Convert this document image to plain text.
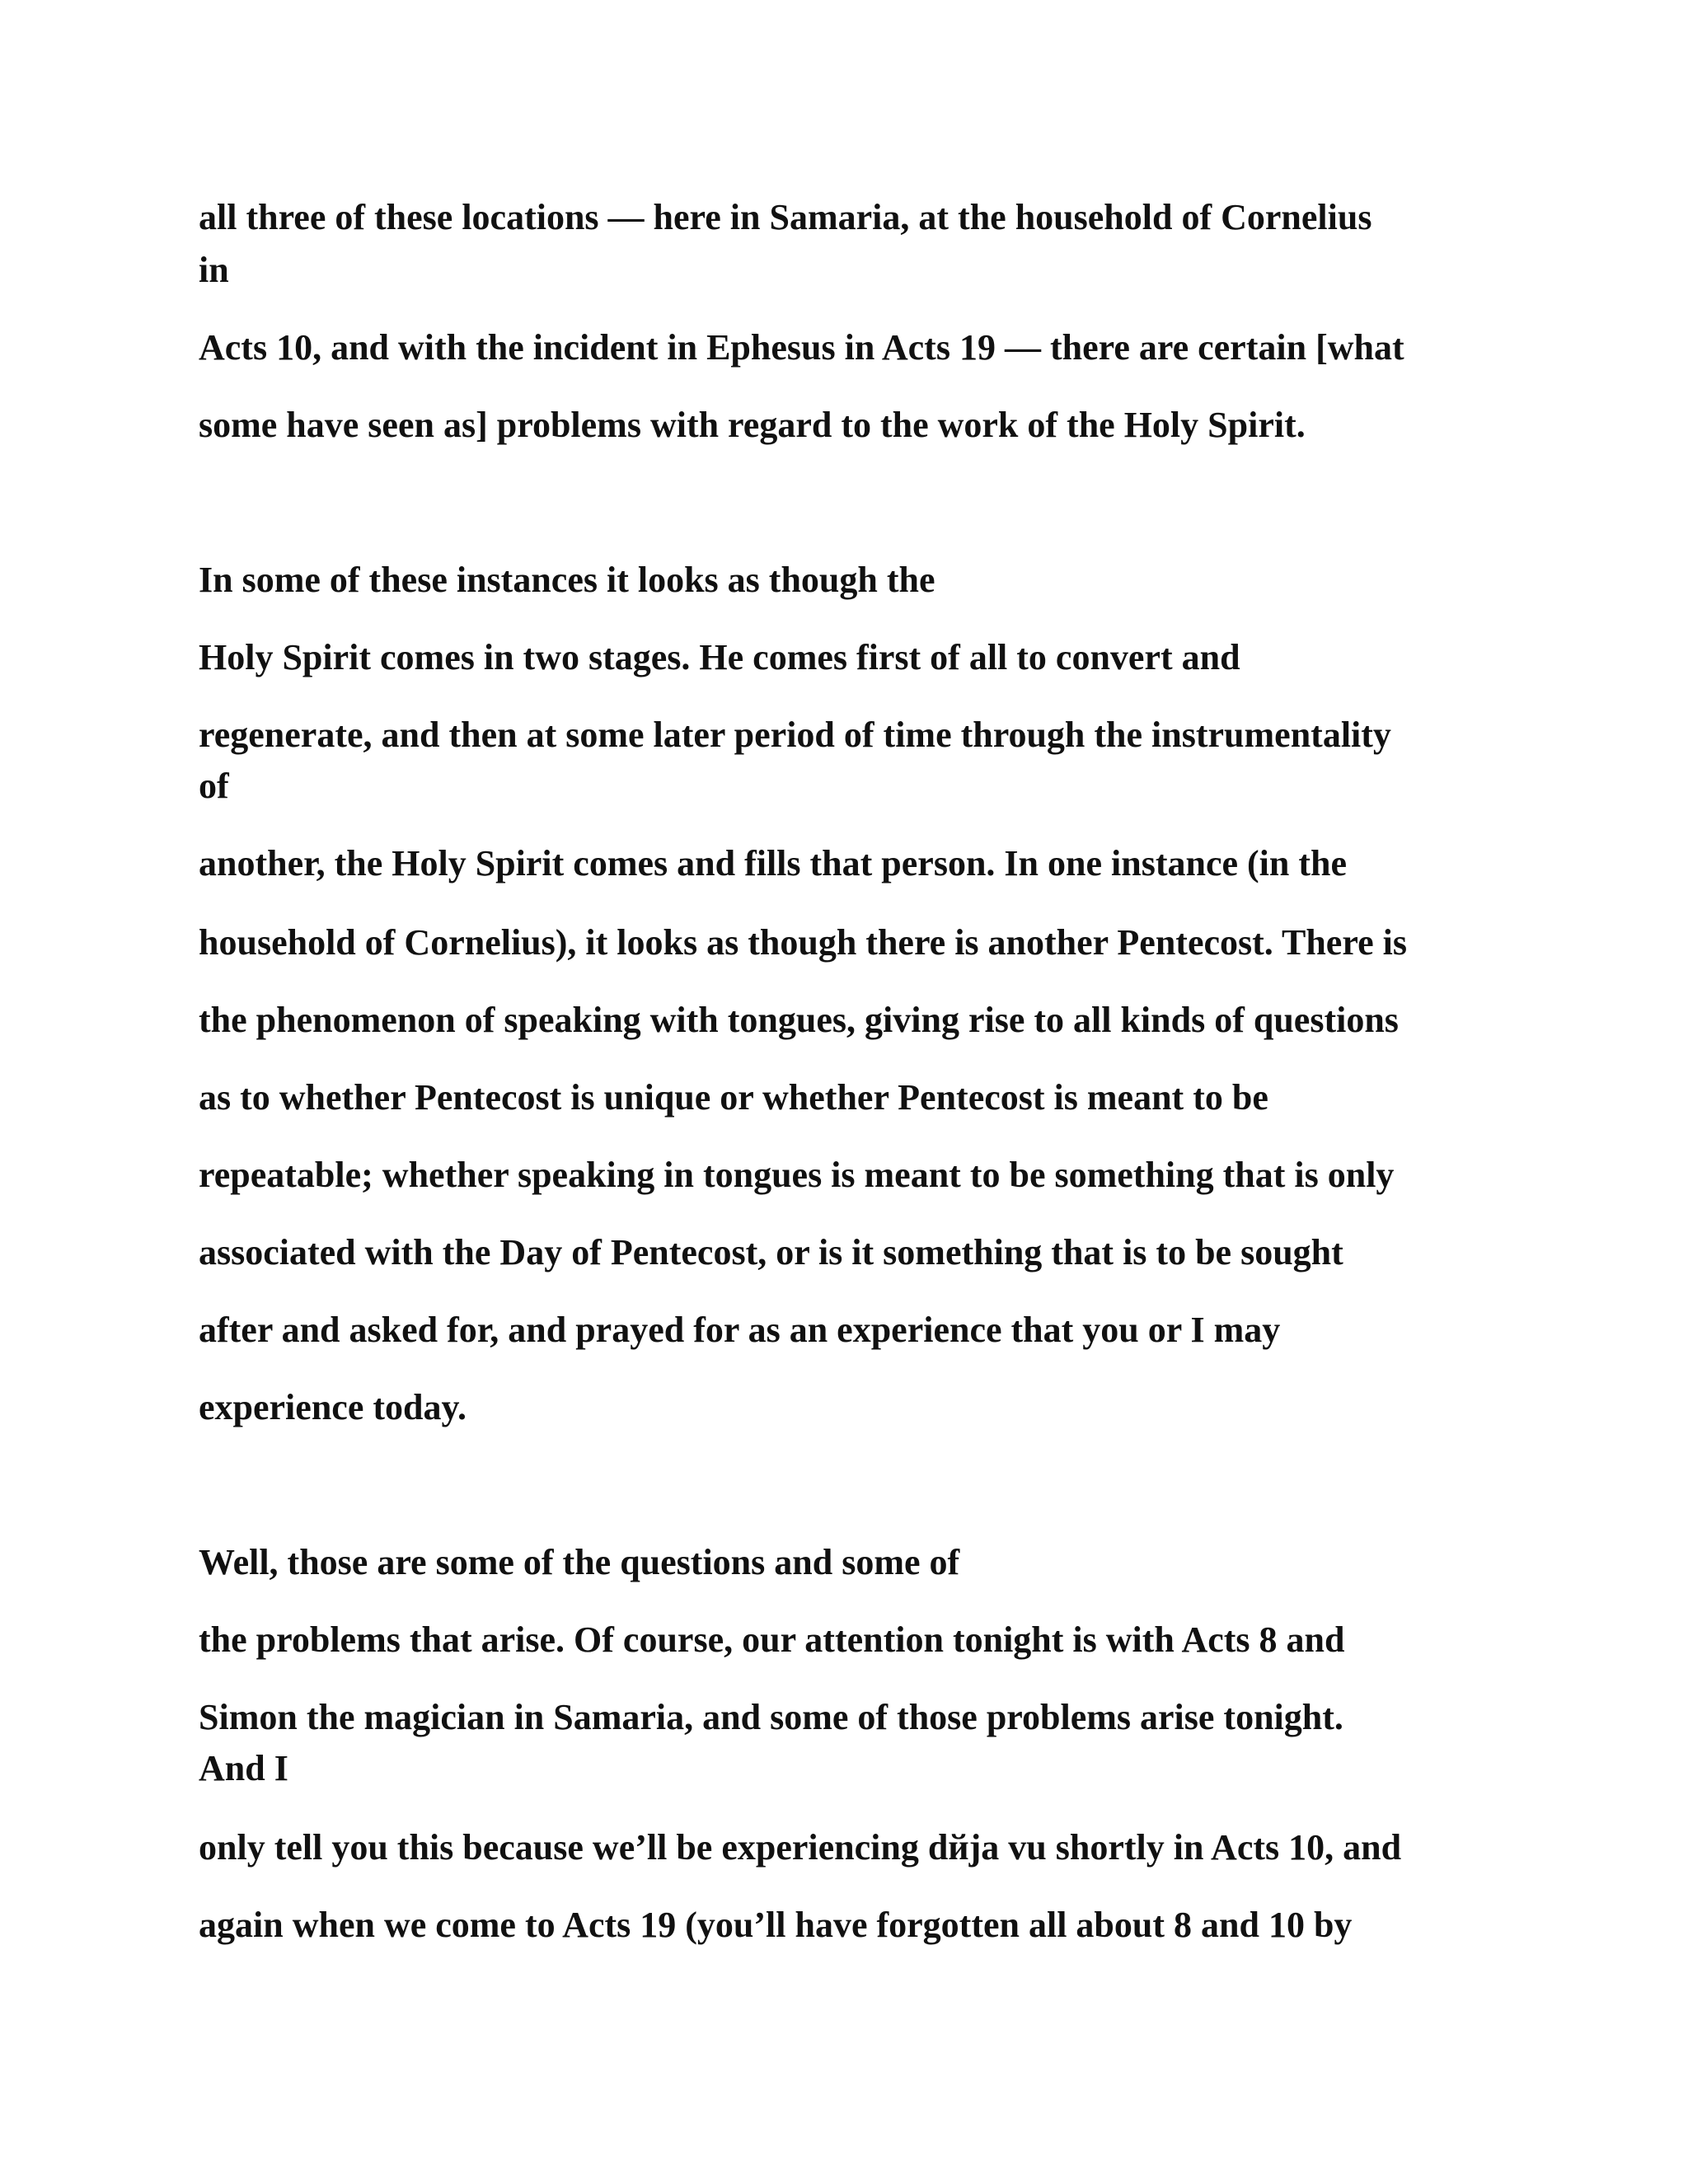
all three of these locations — here in Samaria, at the household of Cornelius

in

Acts 10, and with the incident in Ephesus in Acts 19 — there are certain [what

some have seen as] problems with regard to the work of the Holy Spirit.

In some of these instances it looks as though the

Holy Spirit comes in two stages. He comes first of all to convert and

regenerate, and then at some later period of time through the instrumentality

of

another, the Holy Spirit comes and fills that person. In one instance (in the

household of Cornelius), it looks as though there is another Pentecost. There is

the phenomenon of speaking with tongues, giving rise to all kinds of questions

as to whether Pentecost is unique or whether Pentecost is meant to be

repeatable; whether speaking in tongues is meant to be something that is only

associated with the Day of Pentecost, or is it something that is to be sought

after and asked for, and prayed for as an experience that you or I may

experience today.

Well, those are some of the questions and some of

the problems that arise. Of course, our attention tonight is with Acts 8 and

Simon the magician in Samaria, and some of those problems arise tonight.

And I

only tell you this because we’ll be experiencing dйja vu shortly in Acts 10, and

again when we come to Acts 19 (you’ll have forgotten all about 8 and 10 by
